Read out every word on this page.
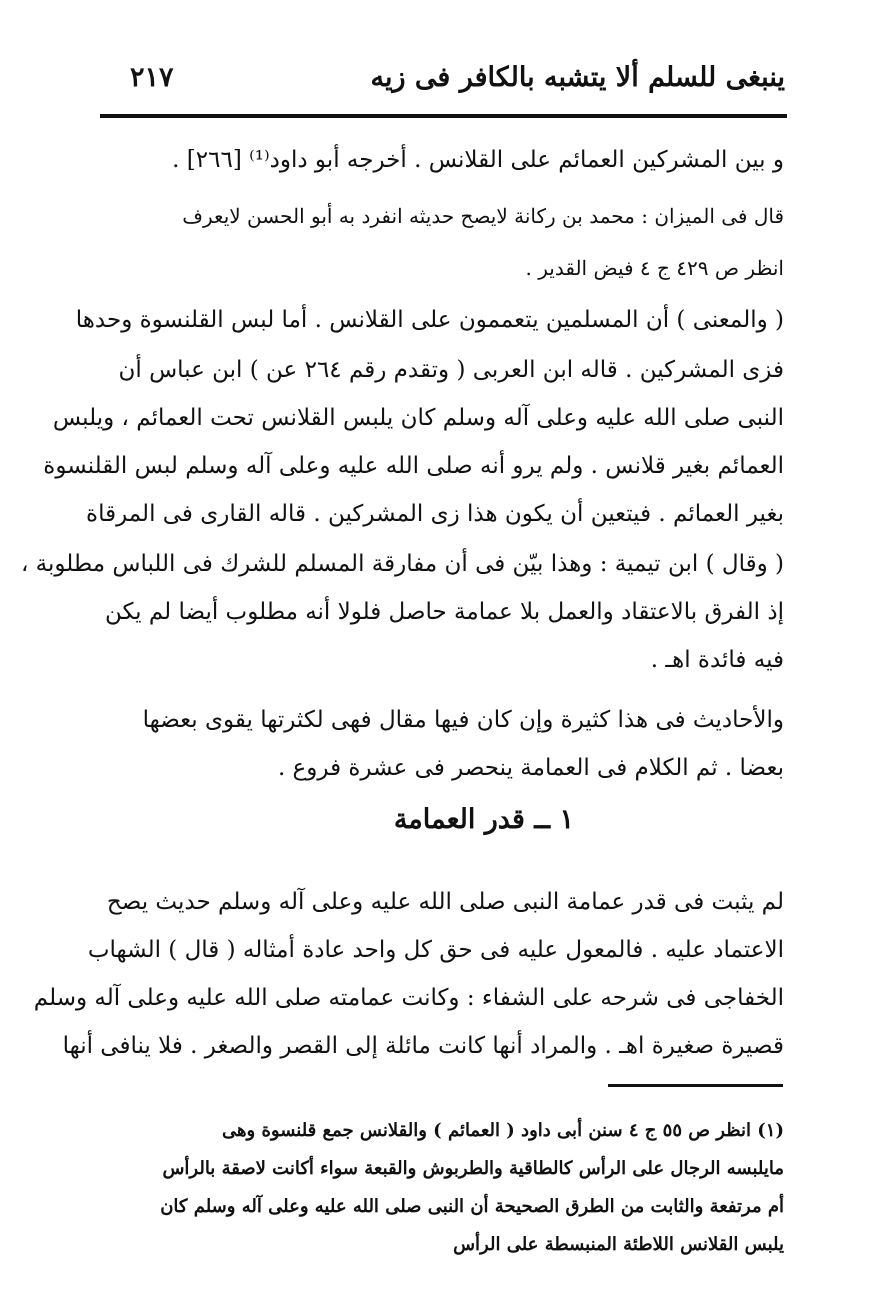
ينبغى للسلم ألا يتشبه بالكافر فى زيه
٢١٧
و بين المشركين العمائم على القلانس . أخرجه أبو داود⁽¹⁾ [٢٦٦] .
قال فى الميزان : محمد بن ركانة لايصح حديثه انفرد به أبو الحسن لايعرف
انظر ص ٤٢٩ ج ٤ فيض القدير .
( والمعنى ) أن المسلمين يتعممون على القلانس . أما لبس القلنسوة وحدها
فزى المشركين . قاله ابن العربى ( وتقدم رقم ٢٦٤ عن ) ابن عباس أن
النبى صلى الله عليه وعلى آله وسلم كان يلبس القلانس تحت العمائم ، ويلبس
العمائم بغير قلانس . ولم يرو أنه صلى الله عليه وعلى آله وسلم لبس القلنسوة
بغير العمائم . فيتعين أن يكون هذا زى المشركين . قاله القارى فى المرقاة
( وقال ) ابن تيمية : وهذا بيّن فى أن مفارقة المسلم للشرك فى اللباس مطلوبة ،
إذ الفرق بالاعتقاد والعمل بلا عمامة حاصل فلولا أنه مطلوب أيضا لم يكن
فيه فائدة اهـ .
والأحاديث فى هذا كثيرة وإن كان فيها مقال فهى لكثرتها يقوى بعضها
بعضا . ثم الكلام فى العمامة ينحصر فى عشرة فروع .
١ ــ قدر العمامة
لم يثبت فى قدر عمامة النبى صلى الله عليه وعلى آله وسلم حديث يصح
الاعتماد عليه . فالمعول عليه فى حق كل واحد عادة أمثاله ( قال ) الشهاب
الخفاجى فى شرحه على الشفاء : وكانت عمامته صلى الله عليه وعلى آله وسلم
قصيرة صغيرة اهـ . والمراد أنها كانت مائلة إلى القصر والصغر . فلا ينافى أنها
(١) انظر ص ٥٥ ج ٤ سنن أبى داود ( العمائم ) والقلانس جمع قلنسوة وهى
مايلبسه الرجال على الرأس كالطاقية والطربوش والقبعة سواء أكانت لاصقة بالرأس
أم مرتفعة والثابت من الطرق الصحيحة أن النبى صلى الله عليه وعلى آله وسلم كان
يلبس القلانس اللاطئة المنبسطة على الرأس
